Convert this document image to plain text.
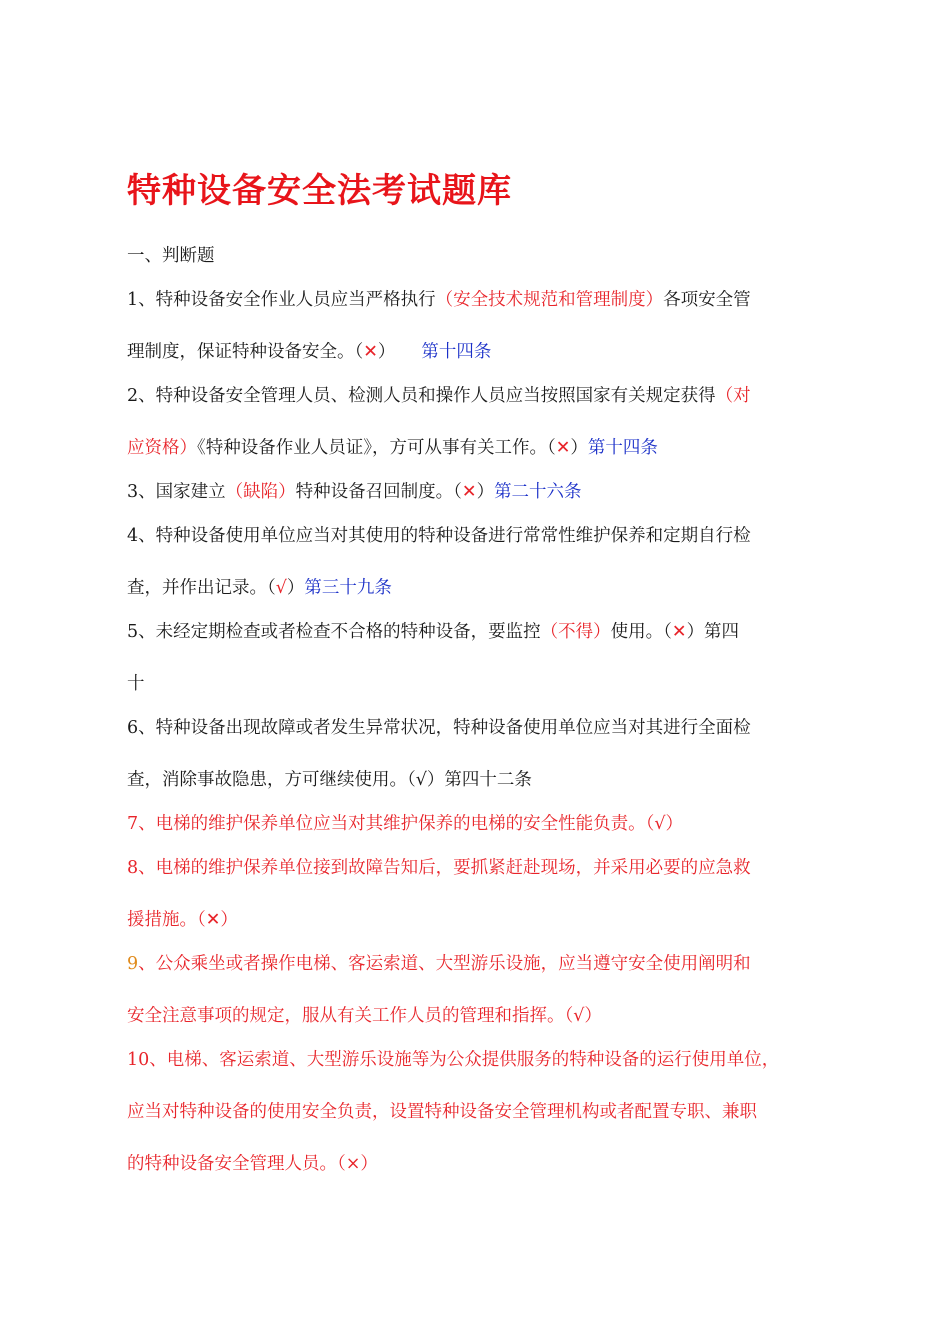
特种设备安全法考试题库
一、判断题
1、特种设备安全作业人员应当严格执行（安全技术规范和管理制度）各项安全管
理制度，保证特种设备安全。（✕） 第十四条
2、特种设备安全管理人员、检测人员和操作人员应当按照国家有关规定获得（对
应资格）《特种设备作业人员证》，方可从事有关工作。（✕）第十四条
3、国家建立（缺陷）特种设备召回制度。（✕）第二十六条
4、特种设备使用单位应当对其使用的特种设备进行常常性维护保养和定期自行检
查，并作出记录。（√）第三十九条
5、未经定期检查或者检查不合格的特种设备，要监控（不得）使用。（✕）第四
十
6、特种设备出现故障或者发生异常状况，特种设备使用单位应当对其进行全面检
查，消除事故隐患，方可继续使用。（√）第四十二条
7、电梯的维护保养单位应当对其维护保养的电梯的安全性能负责。（√）
8、电梯的维护保养单位接到故障告知后，要抓紧赶赴现场，并采用必要的应急救
援措施。（✕）
9、公众乘坐或者操作电梯、客运索道、大型游乐设施，应当遵守安全使用阐明和
安全注意事项的规定，服从有关工作人员的管理和指挥。（√）
10、电梯、客运索道、大型游乐设施等为公众提供服务的特种设备的运行使用单位，
应当对特种设备的使用安全负责，设置特种设备安全管理机构或者配置专职、兼职
的特种设备安全管理人员。（×）
